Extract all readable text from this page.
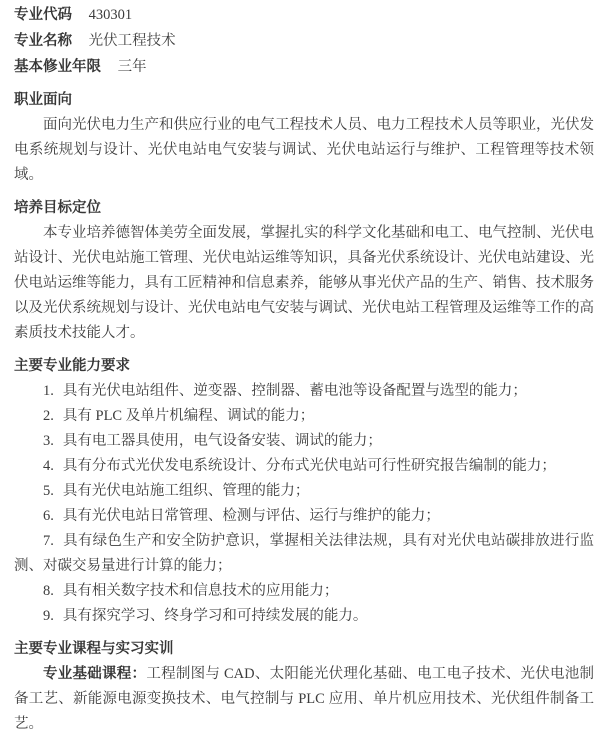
专业代码 430301

专业名称 光伏工程技术

基本修业年限 三年

职业面向

面向光伏电力生产和供应行业的电气工程技术人员、电力工程技术人员等职业，光伏发电系统规划与设计、光伏电站电气安装与调试、光伏电站运行与维护、工程管理等技术领域。

培养目标定位

本专业培养德智体美劳全面发展，掌握扎实的科学文化基础和电工、电气控制、光伏电站设计、光伏电站施工管理、光伏电站运维等知识，具备光伏系统设计、光伏电站建设、光伏电站运维等能力，具有工匠精神和信息素养，能够从事光伏产品的生产、销售、技术服务以及光伏系统规划与设计、光伏电站电气安装与调试、光伏电站工程管理及运维等工作的高素质技术技能人才。

主要专业能力要求

1. 具有光伏电站组件、逆变器、控制器、蓄电池等设备配置与选型的能力；

2. 具有 PLC 及单片机编程、调试的能力；

3. 具有电工器具使用，电气设备安装、调试的能力；

4. 具有分布式光伏发电系统设计、分布式光伏电站可行性研究报告编制的能力；

5. 具有光伏电站施工组织、管理的能力；

6. 具有光伏电站日常管理、检测与评估、运行与维护的能力；

7. 具有绿色生产和安全防护意识，掌握相关法律法规，具有对光伏电站碳排放进行监测、对碳交易量进行计算的能力；

8. 具有相关数字技术和信息技术的应用能力；

9. 具有探究学习、终身学习和可持续发展的能力。

主要专业课程与实习实训

专业基础课程：工程制图与 CAD、太阳能光伏理化基础、电工电子技术、光伏电池制备工艺、新能源电源变换技术、电气控制与 PLC 应用、单片机应用技术、光伏组件制备工艺。
